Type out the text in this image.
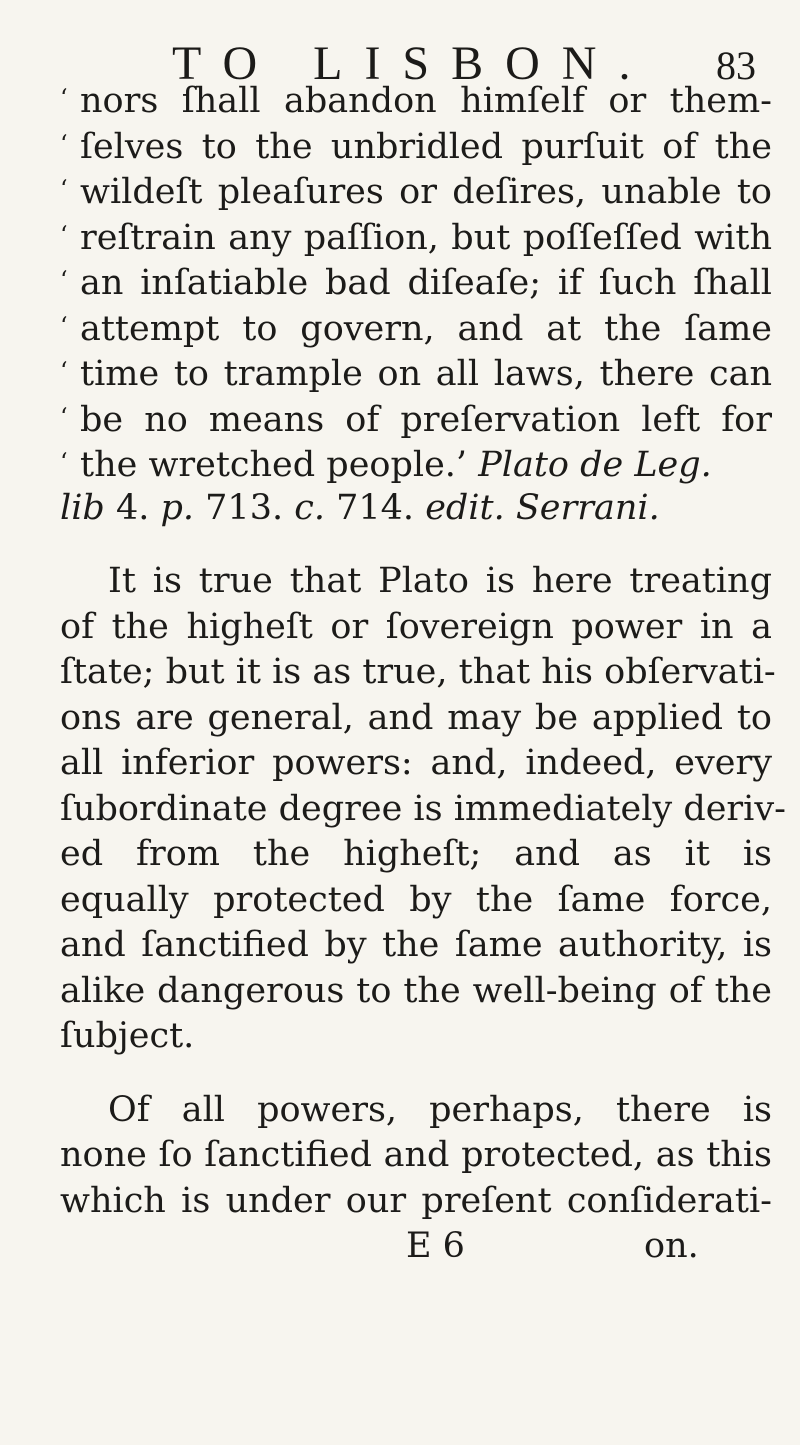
TO LISBON. 83
‘ nors ſhall abandon himſelf or them-
‘ ſelves to the unbridled purſuit of the
‘ wildeſt pleaſures or deſires, unable to
‘ reſtrain any paſſion, but poſſeſſed with
‘ an inſatiable bad diſeaſe; if ſuch ſhall
‘ attempt to govern, and at the ſame
‘ time to trample on all laws, there can
‘ be no means of preſervation left for
‘ the wretched people.’ Plato de Leg.
lib 4. p. 713. c. 714. edit. Serrani.
It is true that Plato is here treating
of the higheſt or ſovereign power in a
ſtate; but it is as true, that his obſervati-
ons are general, and may be applied to
all inferior powers: and, indeed, every
ſubordinate degree is immediately deriv-
ed from the higheſt; and as it is
equally protected by the ſame force,
and ſanctified by the ſame authority, is
alike dangerous to the well-being of the
ſubject.
Of all powers, perhaps, there is
none ſo ſanctified and protected, as this
which is under our preſent conſiderati-
E 6	on.
